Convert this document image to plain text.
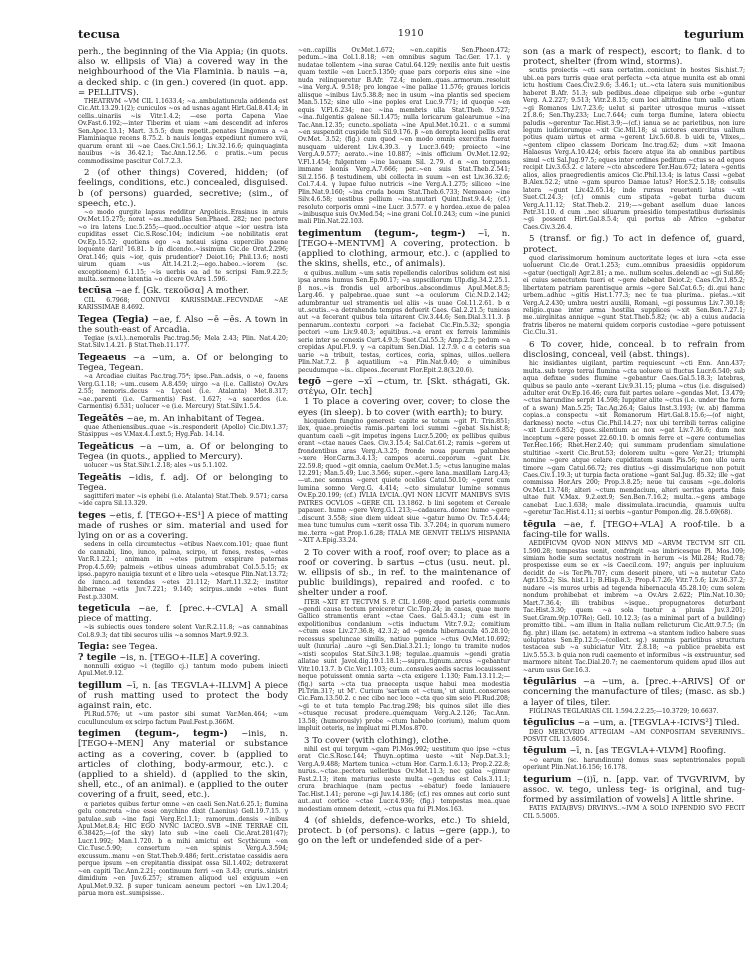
tecusa	1910	tegurium

perh., the beginning of the Via Appia; (in quots. also w. ellipsis of Via) a covered way in the neighbourhood of the Via Flaminia. b nauis ~a, a decked ship. c (in gen.) covered (in quot. app. = PELLITVS).

THEATRVM ~VM CIL 1.1633.4; ~a..ambulatiuncula addenda est Cic.Att.13.29.1(2); cuniculos ~os ad usnas agant Hirt.Gal.8.41.4; in cellis..uinariis ~is Vitr.1.4.2; —ese porta Capena Viae Ov.Fast.6.192;—inter Tiberim et uiam ~am descendit ad inferos Sen.Apoc.13.1; Mart. 3.5.5; dum repetit..penates Lingonus a ~a Flaminiaque recens 8.75.2. b nauis longas expediunt numero xvii, quarum erant xii ~ae Caes.Civ.1.56.1; Liv.32.16.6; quinquaginta nauibus ~is 36.42.1; Tac.Ann.12.56. c pratis..~um pecus commodissime pascitur Col.7.2.3.

2 (of other things) Covered, hidden; (of feelings, conditions, etc.) concealed, disguised. b (of persons) guarded, secretive; (sim., of speech, etc.).

~o modo gurgite lapsus redditur Argolicis..Erasinus in aruis Ov.Met.15.275; norat ~as..medullas Sen.Phaed. 282; nec pectore ~o ira latens Luc.5.255;—quod..occultior atque ~ior uestra ista cupiditas esset Cic.S.Rosc.104; indicium ~ae nobilitatis erat Ov.Ep.15.52; quotiens ego ~a notaui signa supercilio paene loquente dari! 16.81. b in dicendo..~issimum Cic.de Orat.2.296; Orat.146; quis ~ior, quis prudentior? Deiot.16; Phil.13.6; nosti uirum quam ~us Att.14.21.2;—ego..habeo..~iorem (sc. exceptionem) 6.1.15; ~is uerbis ea ad te scripsi Fam.9.22.5; multa..sermone latentia ~o dicere Ov.Ars 1.596.

tecūsa ~ae f. [Gk. τεκοῦσα] A mother.

CIL 6.7968; CONIVGI KARISSIMAE..FECVNDAE ~AE KARISSIMAE 8.4692.

Tegea (Tegia) ~ae, f. Also ~ē ~ēs. A town in the south-east of Arcadia.

Tegiae (s.v.l.)..nemoralis Pac.trag.56; Mela 2.43; Plin. Nat.4.20; Stat.Silv.1.4.21. β Stat.Theb.11.177.

Tegeaeus ~a ~um, a. Of or belonging to Tegea, Tegean.

~a Arcadiae ciuitas Pac.trag.75*; ipse..Pan..adsis, o ~e, fauens Verg.G.1.18; ~um..cusem A.8.459; uirgo ~a (i.e. Callisto) Ov.Ars 2.55; nemoris..decus ~a Lycaei (i.e. Atalanta) Met.8.317; ~ae..parenti (i.e. Carmentis) Fast. 1.627; ~a sacerdos (i.e. Carmentis) 6.531; uolucer ~e (i.e. Mercury) Stat.Silv.1.5.4.

Tegeātēs ~ae, m. An inhabitant of Tegea.

quae Atheniensibus..quae ~is..responderit (Apollo) Cic.Div.1.37; Stasippus ~es V.Max.4.1.ext.5; Hyg.Fab. 14.14.

Tegeāticus ~a ~um, a. Of or belonging to Tegea (in quots., applied to Mercury).

uolucer ~us Stat.Silv.1.2.18; ales ~us 5.1.102.

Tegeātis ~idis, f. adj. Of or belonging to Tegea.

sagittiferi mater ~is ephebi (i.e. Atalanta) Stat.Theb. 9.571; carsa ~ide capra Sil.13.329.

teges ~etis, f. [TEGO+-ES¹] A piece of matting made of rushes or sim. material and used for lying on or as a covering.

sedens in cella circumtectus ~etibus Naev.com.101; quae fiunt de cannabi, lino, iunco, palma, scirpo, ut funes, restes, ~etes Var.R.1.22.1; animam in ~etes putrem exspirare paternas Prop.4.5.69; palmeis ~etibus uineas adumbrabat Col.5.5.15; ex ipso..papyro nauigia texunt et e libro uela ~etesque Plin.Nat.13.72; de iunco..ad texendas ~etes 21.112; Mart.11.32.2; institor hibernae ~etis Juv.7.221; 9.140; scirpus..unde ~etes fiunt Fest.p.330M.

tegetīcula ~ae, f. [prec.+-CVLA] A small piece of matting.

~is subiectis oues tondere solent Var.R.2.11.8; ~as cannabinas Col.8.9.3; dat tibi securos uilis ~a somnos Mart.9.92.3.

Tegia: see Tegea.

? tegile ~is, n. [TEGO+-ILE] A covering.

nonnulli exiguo ~i (tegillo cj.) tantum modo pubem iniecti Apul.Met.9.12.

tegillum ~ī, n. [as TEGVLA+-ILLVM] A piece of rush matting used to protect the body against rain, etc.

Pl.Rud.576; ut ~um pastor sibi sumat Var.Men.464; ~um cucullunculum ex scirpo factum Paul.Fest.p.366M.

tegimen (tegum-, tegm-) ~inis, n. [TEGO+-MEN] Any material or substance acting as a covering, cover. b (applied to articles of clothing, body-armour, etc.). c (applied to a shield). d (applied to the skin, shell, etc., of an animal). e (applied to the outer covering of a fruit, seed, etc.).

α parietes quibus fertur omne ~en caeli Sen.Nat.6.25.1; flumina gelu concreta ~ine esse onychino dixit (Laenius) Gell.19.7.15. γ patulae..sub ~ine fagi Verg.Ecl.1.1; ramorum..densis ~inibus Apul.Met.8.4; HIC EGO NVNC IACEO..SVB ~INE TERRAE CIL 6.38425;—(of the sky) lato sub ~ine caeli Cic.Arat.281(47); Lucr.1.992; Man.1.720. b α mihi amictui est Scythicum ~en Cic.Tusc.5.90; consertum ~en spinis Verg.A.3.594; excussum..manu ~en Stat.Theb.9.486; ferit..cristatae cassidis aera perque ipsum ~en crepitantia dissipat ossa Sil.1.402; detraxerat ~en capiti Tac.Ann.2.21; continuum ferri ~en 3.43; cruris..sinistri dimidium ~en Juv.6.257; stramen aliquod uel exiguum ~en Apul.Met.9.32. β super tunicam aeneum pectori ~en Liv.1.20.4; parua mora est..sumpsisse..

~en..capillis Ov.Met.1.672; ~en..capitis Sen.Phoen.472; pedum..~ina Col.1.8.18; ~en omnibus sagum Tac.Ger. 17.1. γ nudatae tollentem ~ina surae Catul.64.129; nexilis ante fuit uestis quam textile ~en Lucr.5.1350; quae pars corporis eius sine ~ine nuda relinqueretur B.Afr. 72.4; molem..quas..armorum..resoluit ~ina Verg.A. 9.518; pro longae ~ine pallae 11.576; graues loricis aliisque ~inibus Liv.5.38.8; nec in usum ~ina plantis sed speciem Man.5.152; sine ullo ~ine poples erat Luc.9.771; id quoque ~en equis V.Fl.6.234; nec ~ina membris ulla Stat.Theb. 9.527; ~ina..fulgentis galeae Sil.1.475; nulla loricarum galearumue ~ina Tac.Ann.12.35; cuncto..spoliata ~ine Apul.Met.10.21. c α summi ~en suspendit cuspide teli Sil.9.176. β ~en derepta leoni pellis erat Ov.Met. 3.52; (fig.) cum quod ~en modo omnis exercitus fuerat nusquam uiderent Liv.4.39.3. γ Lucr.3.649; proiecto ~ine Verg.A.9.577; aerato..~ine 10.887; ~inis officium Ov.Met.12.92; V.Fl.1.454; fulgentem ~ine laeuam Sil. 2.79. d α ~en torquens immane leonis Verg.A.7.666; per..~en suis Stat.Theb.2.541; Sil.2.156. β testudinem, ubi collecta in suum ~en est Liv.36.32.6; Col.7.4.4. γ lupae fuluo nutricis ~ine Verg.A.1.275; siliceo ~ine Plin.Nat.9.160; ~ina cruda boum Stat.Theb.6.733; Nemeaeo ~ine Silv.4.6.58; uestibus pellium ~ina..mutari Quint.Inst.9.4.4; (cf.) resoluto corporis omni ~ine Lucr. 3.577. e γ hordea..exue de palea ~inibusque suis Ov.Med.54; ~ine grani Col.10.243; cum ~ine punici mali Plin.Nat.22.103.

tegimentum (tegum-, tegm-) ~ī, n. [TEGO+-MENTVM] A covering, protection. b (applied to clothing, armour, etc.). c (applied to the skins, shells, etc., of animals).

α quibus..nullum ~um satis repellendis caloribus solidum est nisi ipsa arens humus Sen.Ep.90.17; ~a supsciliorum Ulp.dig.34.2.25.1. β nos..~is frondis uel arboribus..abscondimus Apul.Met.8.5; Larg.46. γ palpebrae..quae sunt ~a oculorum Cic.N.D.2.142; adumbrantur uel stramentis uel aliis ~is uuae Col.11.2.61. b α ut..scutis..~a detrahenda tempus defuerit Caes. Gal.2.21.5; tunicas aut ~a fecerant quibus tela uitarent Civ.3.44.6; Sen.Dial.3.11.3. β pennarum..contextu corpori ~a faciebat Cic.Fin.5.32; spongia pectori ~um Liv.9.40.3; equitibus..~a erant ex ferreis lamminis serie inter se conexis Curt.4.9.3; Suet.Cal.55.3; Amp.2.5; pedum ~a crepidas Apul.Fl.9. γ ~a capitum Sen.Dial. 12.7.9. c α ceteris sua uarie ~a tribuit, testas, cortices, coria, spinas, uillos..uellera Plin.Nat.7.2. β aquatilium ~a Plin.Nat.9.40; e uiminibus pecudumque ~is.. clipeos..fecerunt Flor.Epit.2.8(3.20.6).

tegō ~gere ~xī ~ctum, tr. [Skt. sthágati, Gk. στέγω, OIr. tech]

1 To place a covering over, cover; to close the eyes (in sleep). b to cover (with earth); to bury.

hicquidem fungino generest: capite se totum ~git Pl. Trin.851; ilex, quae..proiectis ramis..partem loci summi ~gebat Sis.hist.8; quantum caeli ~git impetus ingens Lucr.5.200; ex pellibus quibus erant ~ctae naues Caes. Civ.3.15.4; Sal.Cat.61.2; ramis ~gerem ut frondentibus aras Verg.A.3.25; fronde noua puerum palumbes ~xere Hor.Carm.3.4.13; campos acerui..ceporum ~gunt Liv. 22.59.8; quod ~git omnia, caelum Ov.Met.1.5; ~ctus lanugine malas 12.291; Man.5.49; Luc.3.566; super..~gere lana..maxillam Larg.43;—ut..nec somnus ~geret quiete ocellos Catul.50.10; ~geret cum lumina somno Verg.G. 4.414; ~cto simulatur lumine somnus Ov.Ep.20.199; (cf.) IVLIA LVCIA..QVI NON LICVIT MANIBVS SVIS PATRES OCVLOS ~GERE CIL 13.1862. b lini segetem et Cereale papauer.. humo ~gere Verg.G.1.213;—cadauera..donec humo ~gere ..discunt 3.558; siue diem uideat siue ~gatur humo Ov. Tr.5.4.44; mea tunc tumulus cum ~xerit ossa Tib. 3.7.204; in quorum numero me..terra ~gat Prop.1.6.28; ITALA ME GENVIT TELLVS HISPANIA ~XIT A.Epig.33.24.

2 To cover with a roof, roof over; to place as a roof or covering. b sartus ~ctus (usu. neut. pl. w. ellipsis of sb., in ref. to the maintenance of public buildings), repaired and roofed. c to shelter under a roof.

ITER ~XIT ET TECTVM S. P. CIL 1.698; quod parietis communis ~gendi causa tectum proiceretur Cic.Top.24; in casas, quae more Gallico stramentis erant ~ctae Caes. Gal.5.43.1; cum est in expolitionibus condanium ~ctis inductum Vitr.7.9.2; comitium ~ctum esse Liv.27.36.8; 42.3.2; ad ~genda hibernacula 45.28.10; recessus speluncae similis, natiuo pumice ~ctus Ov.Met.10.692; uult (luxuria) ..auro ~gi Sen.Dial.3.21.1; longo tu tramite nudos ~xisti scopulos Stat.Silv.3.1.98; tegulae..quamuis ~gendi gratia allatae sunt Javol.dig.19.1.18.1;—supra..tignum..arcus ~gebantur Vitr.10.13.7. b Cic.Ver.1.103; cum..consules aedis sacras locauissent neque potuissent omnia sarta ~cta exigere 1.130; Fam.13.11.2;—(fig.) sarta ~cta tua praecepta usque habui mea modestia Pl.Trin.317; ut M'. Curium 'sartum et ~ctum,' ut aiunt..conserues Cic.Fam.13.50.2. c nec cibo nec loco ~cta quo sim seio Pl.Rud.208; ~gi te et tuta templo Pac.trag.298; bis quinos silet ille dies ~ctusque recusat prodere..quemquam Verg.A.2.126; Tac.Ann. 13.58; (humorously) probe ~ctum habebo (corium), malum quom impluit ceteris, ne impluat mi Pl.Mos.870.

3 To cover (with clothing), clothe.

nihil est qui tergum ~gam Pl.Mos.992; uestitum quo ipse ~ctus erat Cic.S.Rosc.144; Thuyn..optima ueste ~xit Nep.Dat.3.1; Verg.A.9.488; Martem tunica ~ctum Hor. Carm.1.6.13; Prop.2.22.8; nurus..~ctae..pectora uelleribus Ov.Met.11.3; nec galea ~gimur Fast.2.13; item maturius ueste multa ~gendus est Cels.3.11.1; crura brachiaque (nam pectus ~ebatur) foede laniauere Tac.Hist.1.41; perone ~gi Juv.14.186; (cf.) res omnes aut corio sunt aut..aut cortice ~ctae Lucr.4.936; (fig.) tempestas mea..quae modestiam omnem detexit, ~ctus qua fui Pl.Mos.163.

4 (of shields, defence-works, etc.) To shield, protect. b (of persons). c latus ~gere (app.), to go on the left or undefended side of a per-

son (as a mark of respect), escort; to flank. d to protect, shelter (from wind, storms).

scutis proiectis ~cti saxa certatim..coniciunt in hostes Sis.hist.7; ubi..ea pars turris quae erat perfecta ~cta atque munita est ab omni ictu hostium Caes.Civ.2.9.6; 3.46.1; ut..~cta latera suis munitionibus haberet B.Afr. 51.3; sub pedibus..deae clipeique sub orbe ~guntur Verg. A.2.227; 9.513; Vitr.2.8.15; cum loci altitudine tum uallo etiam ~gi Romanos Liv.7.23.6; uelut si pariter utrosque murus ~xisset 21.8.6; Sen.Thy.233; Luc.7.644; cum terga flumine, latera obiectu paludis ~gerentur Tac.Hist.3.9;—(cf.) ianua se ac parietibus, non iure legum iudiciorumque ~xit Cic.Mil.18; si uictores exercitus uallum potius quam uirtus et arma ~gerent Liv.5.60.8. b uidi te, Vlixes,.. ~gentem clipeo classem Doricam Inc.trag.62; dum ~xit Imaona Halaesus Verg.A.10.424; orbis facere atque ita ab omnibus partibus simul ~cti Sal.Jug.97.5; eques inter ordines peditum ~ctus se ad equos recipit Liv.3.63.2. c latere ~cto abscedere Ter.Hau.672; latera ~gentis alios, alios praegredientis amicos Cic.Phil.13.4; is latus Cassi ~gebat B.Alex.52.2; utne ~gam spurco Damae latus? Hor.S.2.5.18; consulis latera ~gunt Liv.42.65.14; inde rursus reuertenti latus ~xit Suet.Cl.24.3; (cf.) omnis cum stipata ~gebat turba ducum Verg.A.11.12; Stat.Theb.2. 219;—~gebant asellum duae lances Petr.31.10. d cum ..nec siluarum praesidio tempestatibus durissimis ~gi possent Hirt.Gal.8.5.4; qui portus ab Africo ~gebatur Caes.Civ.3.26.4.

5 (transf. or fig.) To act in defence of, guard, protect.

quod clarissimorum hominum auctoritate leges et iura ~cta esse uoluerunt Cic.de Orat.1.253; cum..omnibus praesidiis oppidorum ~gatur (uectigal) Agr.2.81; a me.. nullum scelus..delendi ac ~gi Sul.86; ei cuius senectutem tueri et ~gere debebat Deiot.2; Caes.Civ.1.85.2; libertatem patriam parentisque armis ~gere Sal.Cat.6.5; di..qui hanc urbem..adhuc ~gitis Hist.1.77.3; nec te tua plurima.. pietas..~xit Verg.A.2.430; umbra uestri auxilii, Romani, ~gi possumus Liv.7.30.18; religio..quae inter arma hostilia supplices ~xit Sen.Ben.7.27.1; me..uirginitas annique ~gunt Stat.Theb.5.82; (w. ab) a cuius audacia fratris liberos ne materni quidem corporis custodiae ~gere potuissent Cic.Clu.31.

6 To cover, hide, conceal. b to refrain from disclosing, conceal, veil (abst. things).

hic insidiantes uigilant, partim requiescunt ~cti Enn. Ann.437; multa..sub tergo terrai flumina ~cta uoluere ui fluctus Lucr.6.540; sub aqua defixae sudes flumine ~gebantur Caes.Gal.5.18.3; latebras, quibus se paulo ante ~xerant Liv.9.31.15; pluma ~ctus (i.e. disguised) adulter erat Ov.Ep.16.46; cura fuit partes uelare ~gendas Met. 13.479; ~ctus harundine serpit 14.598; Iuppiter alite ~ctus (i.e. under the form of a swan) Man.5.25; Tac.Ag.26.4; Gaius Inst.3.193; (w. ab) flamma copias..a conspectu ~xit Romanorum Hirt.Gal.8.15.6;—(of night, darkness) nocte ~ctus Cic.Phil.14.27; nox ubi terribili terras caligine ~xit Lucr.6.852; quos..silentium ac nox ~gat Liv.7.36.6; dum nox inceptum ~gere posset 22.60.10. b omnis ferre et ~gere contumelias Ter.Hec.166; Rhet.Her.2.40; qui summam prudentiam simulatione stultitiae ~xerit Cic.Brut.53; dolorem uultu ~gere Ver.21; triumphi nomine ~gere atque celare cupiditatem suam Pis.56; non ullo uera timore ~gam Catul.66.72; res diutius ~gi dissimularique non potuit Caes.Civ.1.19.3; ut turpia facta oratione ~gant Sal.Jug. 85.32; ille ~gat commissa Hor.Ars 200; Prop.3.8.25; neue tui causam ~ge..doloris Ov.Met.13.748; alteri ~ctum mendacium, alteri ueritas aperta finis ultae fuit V.Max. 9.2.ext.9; Sen.Ben.7.16.2; multa..~gens ambage canebat Luc.1.638; male dissimulata..iracundia, quamuis uultu ~geretur Tac.Hist.4.11; si uerbis ~gantur Pompon.dig. 28.5.69(68).

tēgula ~ae, f. [TEGO+-VLA] A roof-tile. b a facing-tile for walls.

AEDIFICVM QVOD NON MINVS MD ~ARVM TECTVM SIT CIL 1.590.28; tempestas uenit, confringit ~as imbricesque Pl. Mos.109; simiam hodie sum sectatus nostram in herum ~is Mil.284; Rud.78; prospexisse eum se ex ~is Caecil.com. 197; anguis per inpluuium decidit de ~is Ter.Ph.707; cum deserit pinere, uti ~a mutetur Cato Agr.155.2; Sis. hist.11; B.Hisp.8.3; Prop.4.7.26; Vitr.7.5.6; Liv.36.37.2; nudare ~is muros urbis ad tegenda hibernacula 45.28.10; cum solem nondum prohibebat et imbrem ~a Ov.Ars 2.622; Plin.Nat.10.30; Mart.7.36.4; illi trabibus ~isque.. propugnatores deturbant Tac.Hist.3.30; quem ~a sola tuetur a pluuia Juv.3.201; Suet.Gram.9(p.107Re); Gell. 10.12.3; (as a minimal part of a building) promitto tibi.. ~am illum in Italia nullam relicturum Cic.Att.9.7.5; (in fig. phr.) illam (sc. aetatem) in extrema ~a stantem iudico habere suas uoluptates Sen.Ep.12.5;—(collect. sg.) summis parietibus structura testacea sub ~a subiciatur Vitr. 2.8.18; ~a publice praebita est Liv.5.55.3. b quia non rudi caemento et informibus ~is exstruuntur, sed marmore nitent Tac.Dial.20.7; ne caementorum quidem apud illos aut ~arum usus Ger.16.3.

tēgulārius ~a ~um, a. [prec.+-ARIVS] Of or concerning the manufacture of tiles; (masc. as sb.) a layer of tiles, tiler.

FIGLINAS TEGLARIAS CIL 1.594.2.2.25;—10.3729; 10.6637.

tēgulīcius ~a ~um, a. [TEGVLA+-ICIVS²] Tiled.

DEO MERCVRIO ATTEGIAM ~AM CONPOSITAM SEVERINIVS.. POSVIT CIL 13.6054.

tēgulum ~ī, n. [as TEGVLA+-VLVM] Roofing.

~o earum (sc. harundinum) domus suas septentrionales populi operiunt Plin.Nat.16.156; 16.178.

tegurium ~(i)ī, n. [app. var. of TVGVRIVM, by assoc. w. tego, unless teg- is original, and tug- formed by assimilation of vowels] A little shrine.

FATIS FATA(BVS) DRVINVS..~IVM A SOLO INPENDIO SVO FECIT CIL 5.5005.
